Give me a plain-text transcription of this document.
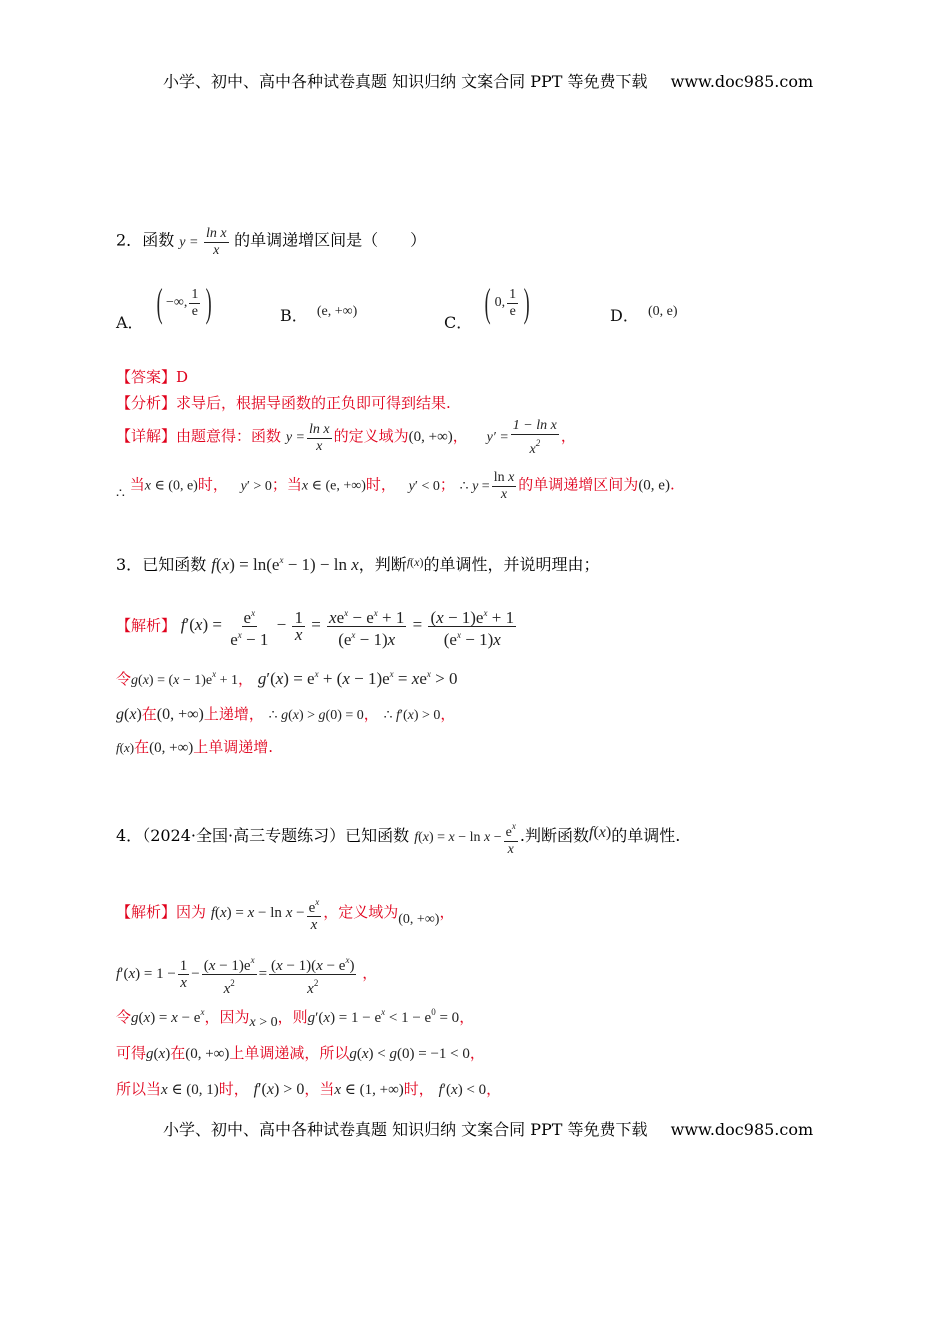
小学、初中、高中各种试卷真题 知识归纳 文案合同 PPT 等免费下载 www.doc985.com
2．函数 $y = \frac{\text{ln x}}{x}$ 的单调递增区间是（　　）
A． ( −∞, $\frac{1}{e}$ )	B． (e, +∞)
C． ( 0, $\frac{1}{e}$ )	D． (0, e)
【答案】D
【分析】求导后，根据导函数的正负即可得到结果.
【详解】由题意得：函数 $y = \frac{\text{ln x}}{x}$ 的定义域为(0, +∞)， $y' = \frac{\text{1 − ln x}}{x^2}$ ，
∴ 当x ∈ (0, e)时， y′ > 0；当x ∈ (e, +∞)时， y′ < 0； ∴ $y = \frac{\text{ln x}}{x}$ 的单调递增区间为(0, e).
3．已知函数 $f(x) = \ln(e^x - 1) - \ln x$，判断$^{f(x)}$的单调性，并说明理由；
【解析】 $f'(x) = \frac{e^x}{e^x - 1} - \frac{1}{x} = \frac{xe^x - e^x + 1}{(e^x - 1)x} = \frac{(x - 1)e^x + 1}{(e^x - 1)x}$
令$g(x) = (x - 1)e^x + 1$， $g'(x) = e^x + (x - 1)e^x = xe^x > 0$
g(x)在(0, +∞)上递增， ∴ g(x) > g(0) = 0， ∴ f′(x) > 0，
f(x)在(0, +∞)上单调递增.
4．（2024·全国·高三专题练习）已知函数 $f(x) = x - \ln x - \frac{e^x}{x}$ .判断函数f(x)的单调性.
【解析】因为 $f(x) = x - \ln x - \frac{e^x}{x}$ ，定义域为(0, +∞)，
$f'(x) = 1 - \frac{1}{x} - \frac{(x - 1)e^x}{x^2} = \frac{(x - 1)(x - e^x)}{x^2}$ ，
令$g(x) = x - e^x$，因为x > 0，则$g'(x) = 1 - e^x < 1 - e^0 = 0$，
可得g(x)在(0, +∞)上单调递减，所以g(x) < g(0) = −1 < 0，
所以当x ∈ (0, 1)时， f′(x) > 0，当x ∈ (1, +∞)时， f′(x) < 0，
小学、初中、高中各种试卷真题 知识归纳 文案合同 PPT 等免费下载 www.doc985.com
